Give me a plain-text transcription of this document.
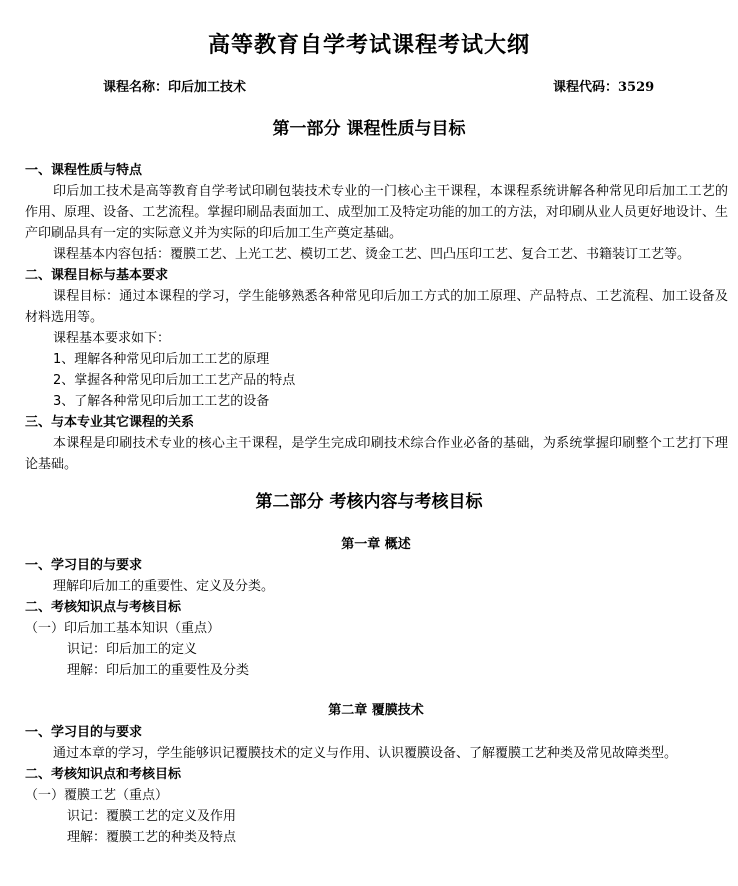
高等教育自学考试课程考试大纲
课程名称：印后加工技术	课程代码：3529
第一部分 课程性质与目标
一、课程性质与特点

印后加工技术是高等教育自学考试印刷包装技术专业的一门核心主干课程，本课程系统讲解各种常见印后加工工艺的作用、原理、设备、工艺流程。掌握印刷品表面加工、成型加工及特定功能的加工的方法，对印刷从业人员更好地设计、生产印刷品具有一定的实际意义并为实际的印后加工生产奠定基础。

课程基本内容包括：覆膜工艺、上光工艺、模切工艺、烫金工艺、凹凸压印工艺、复合工艺、书籍装订工艺等。

二、课程目标与基本要求

课程目标：通过本课程的学习，学生能够熟悉各种常见印后加工方式的加工原理、产品特点、工艺流程、加工设备及材料选用等。

课程基本要求如下：

1、理解各种常见印后加工工艺的原理

2、掌握各种常见印后加工工艺产品的特点

3、了解各种常见印后加工工艺的设备

三、与本专业其它课程的关系

本课程是印刷技术专业的核心主干课程，是学生完成印刷技术综合作业必备的基础，为系统掌握印刷整个工艺打下理论基础。

第二部分 考核内容与考核目标
第一章 概述
一、学习目的与要求

理解印后加工的重要性、定义及分类。

二、考核知识点与考核目标

（一）印后加工基本知识（重点）

识记：印后加工的定义

理解：印后加工的重要性及分类

第二章 覆膜技术
一、学习目的与要求

通过本章的学习，学生能够识记覆膜技术的定义与作用、认识覆膜设备、了解覆膜工艺种类及常见故障类型。

二、考核知识点和考核目标

（一）覆膜工艺（重点）

识记：覆膜工艺的定义及作用

理解：覆膜工艺的种类及特点
